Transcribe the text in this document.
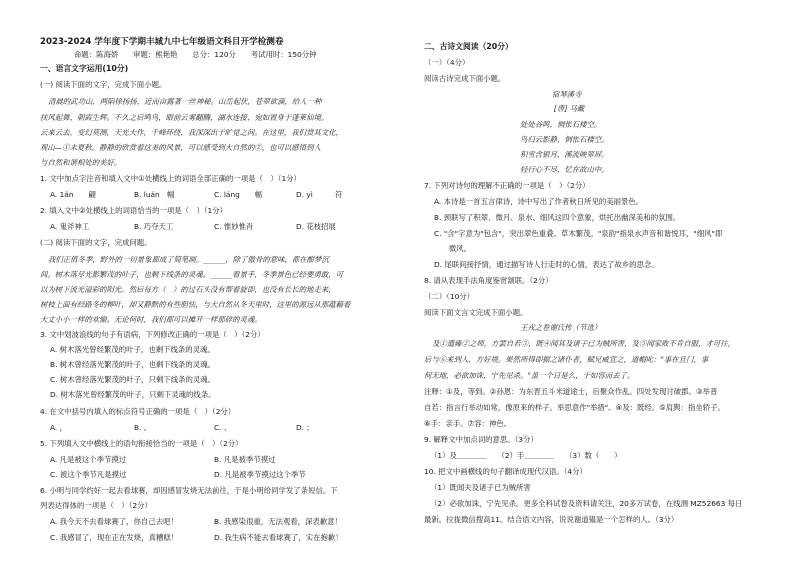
2023-2024 学年度下学期丰城九中七年级语文科目开学检测卷
命题：陈海娇　　审题：熊艳艳　　总分：120分　　考试用时：150分钟
一、语言文字运用(10分)
(一) 阅读下面的文字，完成下面小题。
清晨的武功山，两陷徐扬扬，近而亩露著一丝神秘。山岳起伏，苍翠欲滴，给人一种
扶风起舞、朝霞生辉。不久之后鸣鸟，眼前云雾翻腾，湖水连接、宛如置身于蓬莱仙境。
云来云去，变幻莫测，天光大作，千峰环绕，我深深出于旷觉之问。在这里，我们赏其文化，
观山—①未夏秋。静静的欣赏着这美的风景，可以感受到大自然的②，也可以感悟到人
与自然和谐相处的美好。
1. 文中加点字注音和填入文中①处横线上的词语全部正确的一项是（　）（1分）
A. 1ǎn　　翩	B. luán　幅	C. láng　　幅	D. yì　　　符
2. 填入文中②处横线上的词语恰当的一项是（　）（1分）
A. 鬼斧神工	B. 巧夺天工	C. 惟妙惟肖	D. 花枝招展
(二) 阅读下面的文字，完成问题。
我们正值冬季，野外的一切景象都成了简笔画。______，除了傲骨的意味，都在酣梦沉
间。树木落尽光影繁茂的叶子，也剩下线条的灵魂。______看景手，冬季景色已经要勇敢，可
以为树下流光溢彩的阳光。然后每方（　）的过石头没有帮着旋即，也没有长长的地走来，
树枝上面有经路冬的柳叶，却又静默的有些胆怯，与大自然从冬天里时，这里的源远从那蕴藉着
大丈小小一样的欢愉。无论何时，我们都可以摊开一样那碎的灵魂。
3. 文中划波浪线的句子有语病，下列修改正确的一项是（　）（2分）
A. 树木落光曾经繁茂的叶子，也剩下线条的灵魂。
B. 树木曾经落光繁茂的叶子，也剩下线条的灵魂。
C. 树木曾经落光繁茂的叶子，只剩下线条的灵魂。
D. 树木落光曾经繁茂的叶子，只剩下灵魂的线条。
4. 在文中括号内填入的标点符号正确的一项是（　）（2分）
A. ，	B. 。	C. 、	D. ；
5. 下列填入文中横线上的语句衔接恰当的一项是（　）（2分）
A. 凡是被这个季节摸过	B. 凡是被季节摸过
C. 被这个季节凡是摸过	D. 凡是被季节摸过这个季节
6. 小明与同学约好一起去看球赛，却因感冒发烧无法前往，于是小明给同学发了条短信。下
列表达得体的一项是（　）（2分）
A. 我今天不去看球赛了，你自己去吧！	B. 我感染很重，无法观看，深表歉意！
C. 我感冒了，现在正在发烧，真糟糕！	D. 我生病不能去看球赛了，实在抱歉！
二、古诗文阅读（20分）
（一）（4分）
阅读古诗完成下面小题。
宿琴溪寺
[唐] 马戴
处处谷鸣，惆怅石楼空。
鸟归云影静，惆怅石楼空。
积雪含银月，溪流映翠屏。
轻行心不尽，忆在故山中。
7. 下列对诗句的理解不正确的一项是（　）（2分）
A. 本诗是一首五言律诗，诗中写出了作者秋日所见的美丽景色。
B. 颈联写了积翠、微月、泉水、细风这四个意象，烘托出幽深美和的氛围。
C. "含"字意为"包含"，突出翠色重叠、草木繁茂。"泉韵"指泉水声音和谐悦耳，"细风"即
　　微风。
D. 尾联间接抒情，通过描写诗人行走时的心情，表达了故乡的思念。
8. 请从表现手法角度鉴赏颔联。（2分）
（二）（10分）
阅读下面文言文完成下面小题。
王戎之卷谢氏传（节选）
及①遣雍②之师，方罢自若③，既④闻其及诸子已为贼所害，及⑤闻家败不肯自服，才可往，
后与⑥来到人，方好规。果然所得即据之诸仆者，赋兄威宣之，道帽叱："事在且门，事
何无地，必欲加诛，宁先见杀。"虽一个日是么，于如容而去了。
注释：①及，等到。②孙恩：为东晋五斗米道途士，后聚众作乱。四处发现讨破郡。③举普
自若：指言行举动如常，像原来的样子。举思意作"举措"。④及：既经。⑤肩舆：指坐轿子。
⑥手：亲手。⑦容：神色。
9. 解释文中加点词的意思。（3分）
（1）及＿＿＿＿　　（2）手＿＿＿＿　　（3）数（　　）
10. 把文中画横线的句子翻译成现代汉语。（4分）
（1）既闻夫及诸子已为贼所害
（2）必欲加诛，宁先见杀。更多全科试卷及资料请关注，20多万试卷，在线测 MZ52663 每日
最新。拉拢微信搜高11。结合语文内容，说说谢道韫是一个怎样的人。（3分）
